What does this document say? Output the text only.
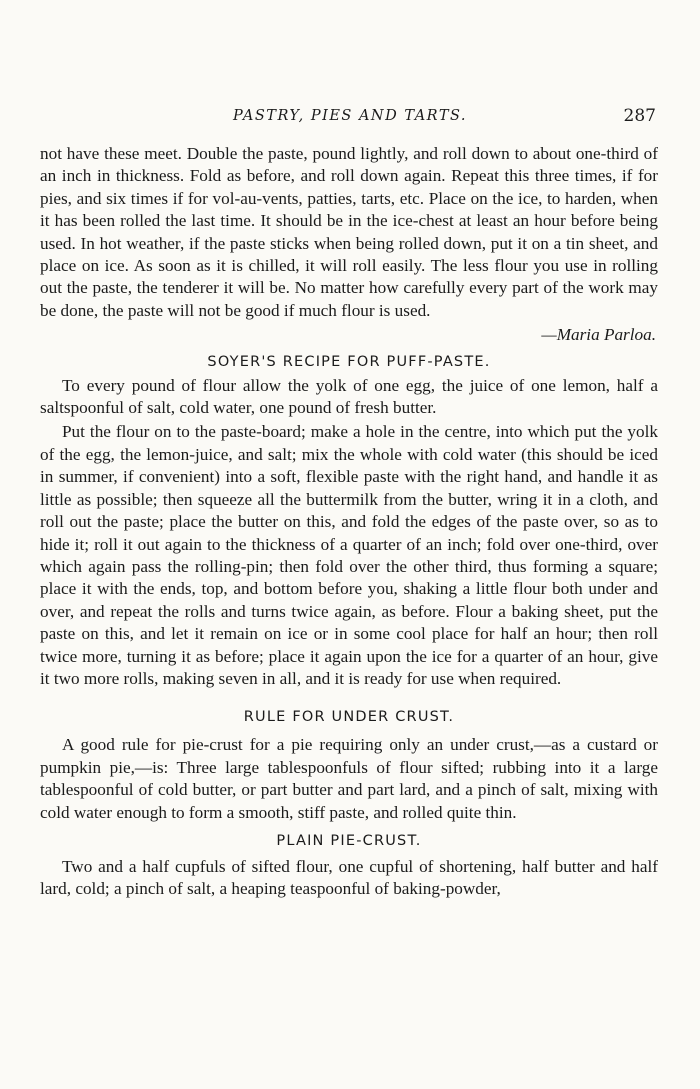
PASTRY, PIES AND TARTS.	287

not have these meet. Double the paste, pound lightly, and roll down to about one-third of an inch in thickness. Fold as before, and roll down again. Repeat this three times, if for pies, and six times if for vol-au-vents, patties, tarts, etc. Place on the ice, to harden, when it has been rolled the last time. It should be in the ice-chest at least an hour before being used. In hot weather, if the paste sticks when being rolled down, put it on a tin sheet, and place on ice. As soon as it is chilled, it will roll easily. The less flour you use in rolling out the paste, the tenderer it will be. No matter how carefully every part of the work may be done, the paste will not be good if much flour is used.

—Maria Parloa.

SOYER'S RECIPE FOR PUFF-PASTE.

To every pound of flour allow the yolk of one egg, the juice of one lemon, half a saltspoonful of salt, cold water, one pound of fresh butter.

Put the flour on to the paste-board; make a hole in the centre, into which put the yolk of the egg, the lemon-juice, and salt; mix the whole with cold water (this should be iced in summer, if convenient) into a soft, flexible paste with the right hand, and handle it as little as possible; then squeeze all the buttermilk from the butter, wring it in a cloth, and roll out the paste; place the butter on this, and fold the edges of the paste over, so as to hide it; roll it out again to the thickness of a quarter of an inch; fold over one-third, over which again pass the rolling-pin; then fold over the other third, thus forming a square; place it with the ends, top, and bottom before you, shaking a little flour both under and over, and repeat the rolls and turns twice again, as before. Flour a baking sheet, put the paste on this, and let it remain on ice or in some cool place for half an hour; then roll twice more, turning it as before; place it again upon the ice for a quarter of an hour, give it two more rolls, making seven in all, and it is ready for use when required.

RULE FOR UNDER CRUST.

A good rule for pie-crust for a pie requiring only an under crust,—as a custard or pumpkin pie,—is: Three large tablespoonfuls of flour sifted; rubbing into it a large tablespoonful of cold butter, or part butter and part lard, and a pinch of salt, mixing with cold water enough to form a smooth, stiff paste, and rolled quite thin.

PLAIN PIE-CRUST.

Two and a half cupfuls of sifted flour, one cupful of shortening, half butter and half lard, cold; a pinch of salt, a heaping teaspoonful of baking-powder,
